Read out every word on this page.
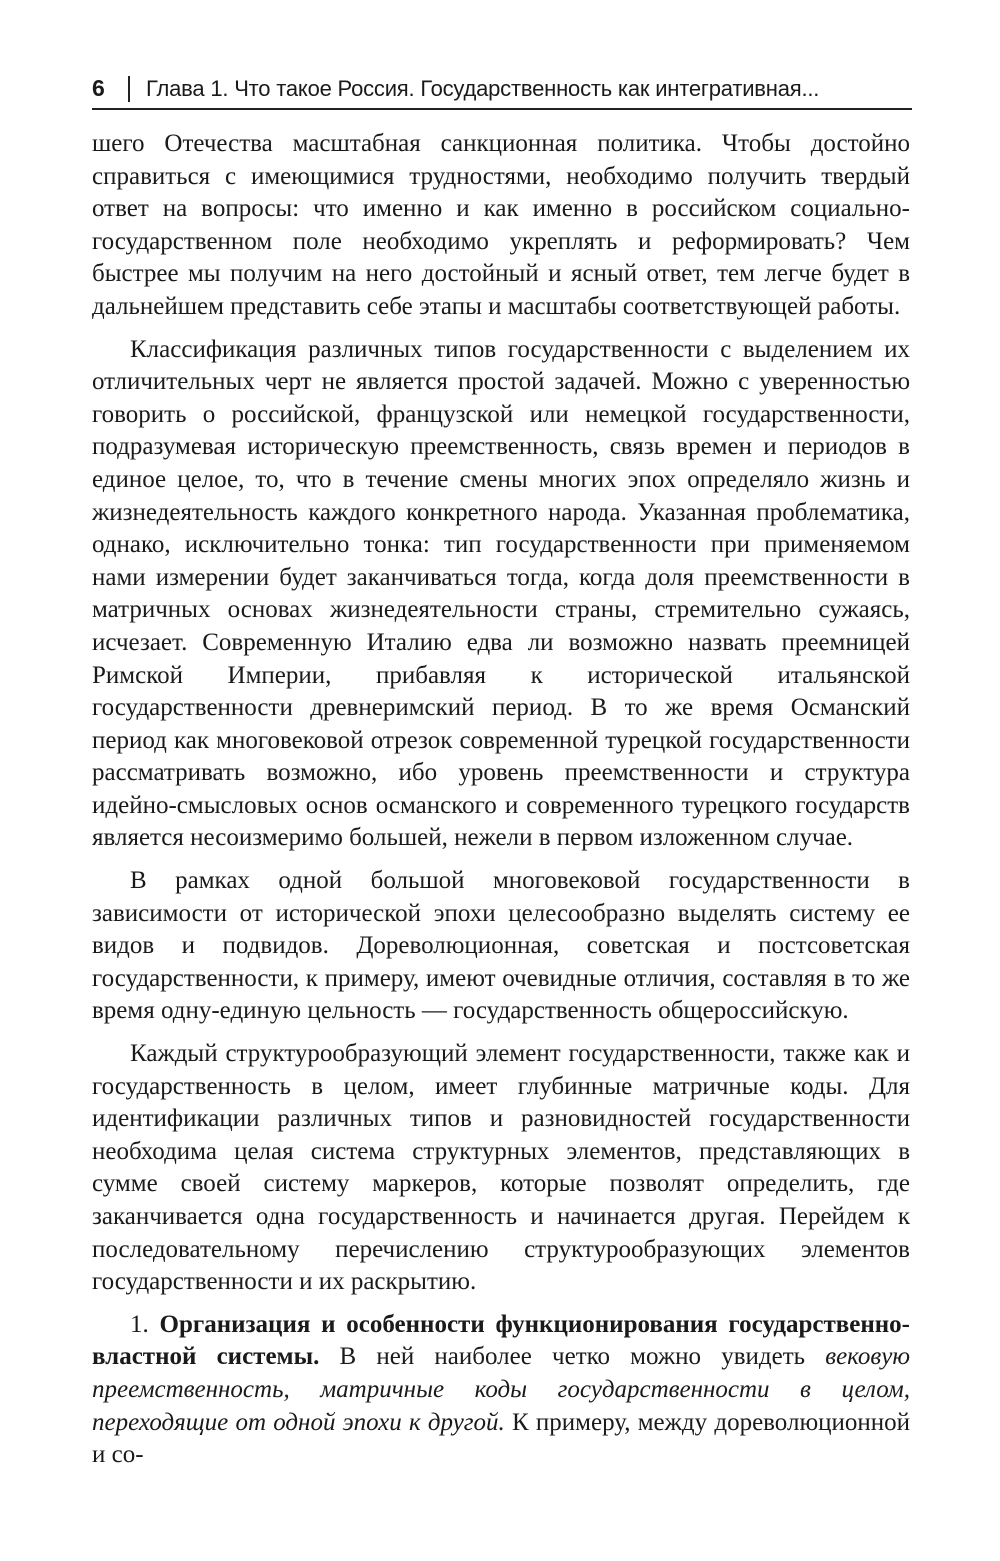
6	Глава 1. Что такое Россия. Государственность как интегративная...

шего Отечества масштабная санкционная политика. Чтобы достойно справиться с имеющимися трудностями, необходимо получить твердый ответ на вопросы: что именно и как именно в российском социально-государственном поле необходимо укреплять и реформировать? Чем быстрее мы получим на него достойный и ясный ответ, тем легче будет в дальнейшем представить себе этапы и масштабы соответствующей работы.

Классификация различных типов государственности с выделением их отличительных черт не является простой задачей. Можно с уверенностью говорить о российской, французской или немецкой государственности, подразумевая историческую преемственность, связь времен и периодов в единое целое, то, что в течение смены многих эпох определяло жизнь и жизнедеятельность каждого конкретного народа. Указанная проблематика, однако, исключительно тонка: тип государственности при применяемом нами измерении будет заканчиваться тогда, когда доля преемственности в матричных основах жизнедеятельности страны, стремительно сужаясь, исчезает. Современную Италию едва ли возможно назвать преемницей Римской Империи, прибавляя к исторической итальянской государственности древнеримский период. В то же время Османский период как многовековой отрезок современной турецкой государственности рассматривать возможно, ибо уровень преемственности и структура идейно-смысловых основ османского и современного турецкого государств является несоизмеримо большей, нежели в первом изложенном случае.

В рамках одной большой многовековой государственности в зависимости от исторической эпохи целесообразно выделять систему ее видов и подвидов. Дореволюционная, советская и постсоветская государственности, к примеру, имеют очевидные отличия, составляя в то же время одну-единую цельность — государственность общероссийскую.

Каждый структурообразующий элемент государственности, также как и государственность в целом, имеет глубинные матричные коды. Для идентификации различных типов и разновидностей государственности необходима целая система структурных элементов, представляющих в сумме своей систему маркеров, которые позволят определить, где заканчивается одна государственность и начинается другая. Перейдем к последовательному перечислению структурообразующих элементов государственности и их раскрытию.

1. Организация и особенности функционирования государственно-властной системы. В ней наиболее четко можно увидеть вековую преемственность, матричные коды государственности в целом, переходящие от одной эпохи к другой. К примеру, между дореволюционной и со-
